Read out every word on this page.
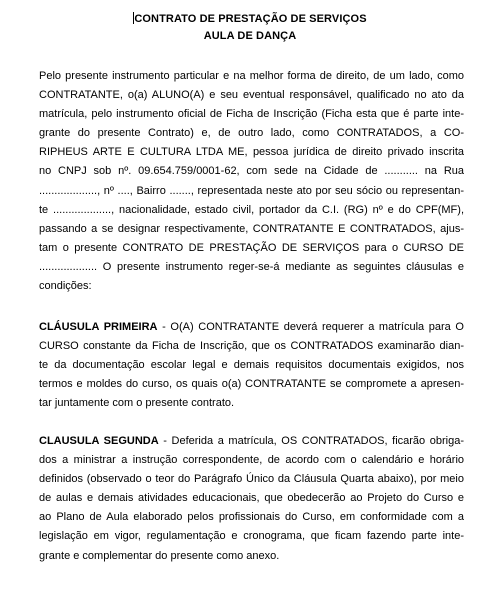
CONTRATO DE PRESTAÇÃO DE SERVIÇOS
AULA DE DANÇA
Pelo presente instrumento particular e na melhor forma de direito, de um lado, como
CONTRATANTE, o(a) ALUNO(A) e seu eventual responsável, qualificado no ato da
matrícula, pelo instrumento oficial de Ficha de Inscrição (Ficha esta que é parte inte-
grante do presente Contrato) e, de outro lado, como CONTRATADOS, a CO-
RIPHEUS ARTE E CULTURA LTDA ME, pessoa jurídica de direito privado inscrita
no CNPJ sob nº. 09.654.759/0001-62, com sede na Cidade de ........... na Rua
..................., nº ...., Bairro ......., representada neste ato por seu sócio ou representan-
te ..................., nacionalidade, estado civil, portador da C.I. (RG) nº e do CPF(MF),
passando a se designar respectivamente, CONTRATANTE E CONTRATADOS, ajus-
tam o presente CONTRATO DE PRESTAÇÃO DE SERVIÇOS para o CURSO DE
................... O presente instrumento reger-se-á mediante as seguintes cláusulas e
condições:
CLÁUSULA PRIMEIRA - O(A) CONTRATANTE deverá requerer a matrícula para O
CURSO constante da Ficha de Inscrição, que os CONTRATADOS examinarão dian-
te da documentação escolar legal e demais requisitos documentais exigidos, nos
termos e moldes do curso, os quais o(a) CONTRATANTE se compromete a apresen-
tar juntamente com o presente contrato.
CLAUSULA SEGUNDA - Deferida a matrícula, OS CONTRATADOS, ficarão obriga-
dos a ministrar a instrução correspondente, de acordo com o calendário e horário
definidos (observado o teor do Parágrafo Único da Cláusula Quarta abaixo), por meio
de aulas e demais atividades educacionais, que obedecerão ao Projeto do Curso e
ao Plano de Aula elaborado pelos profissionais do Curso, em conformidade com a
legislação em vigor, regulamentação e cronograma, que ficam fazendo parte inte-
grante e complementar do presente como anexo.
